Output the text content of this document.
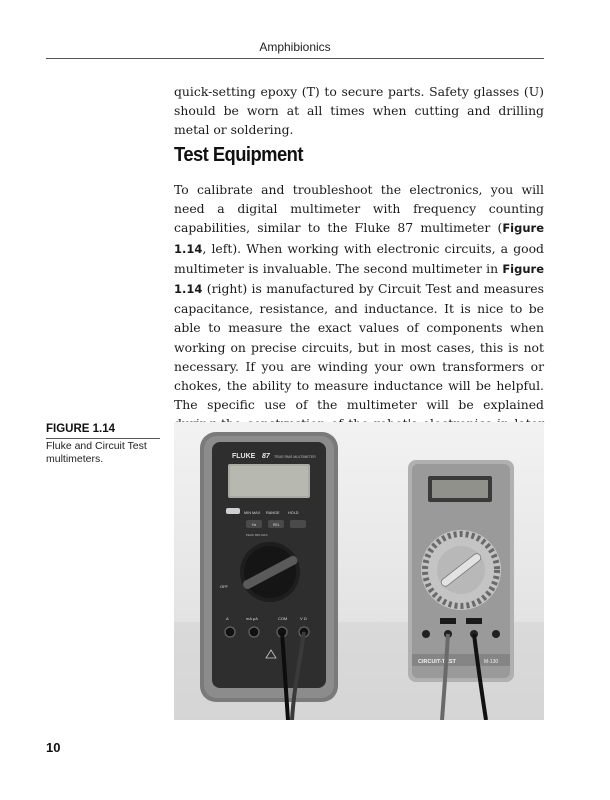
Amphibionics

quick-setting epoxy (T) to secure parts. Safety glasses (U) should be worn at all times when cutting and drilling metal or soldering.

Test Equipment

To calibrate and troubleshoot the electronics, you will need a digital multimeter with frequency counting capabilities, similar to the Fluke 87 multimeter (Figure 1.14, left). When working with electronic circuits, a good multimeter is invaluable. The second multimeter in Figure 1.14 (right) is manufactured by Circuit Test and measures capacitance, resistance, and inductance. It is nice to be able to measure the exact values of components when working on precise circuits, but in most cases, this is not necessary. If you are winding your own transformers or chokes, the ability to measure inductance will be helpful. The specific use of the multimeter will be explained

FIGURE 1.14
Fluke and Circuit Test multimeters.	FLUKE 87	TRUE RMS MULTIMETER
MIN MAX RANGE HOLD
Hz	REL
PEAK MIN MAX
OFF
A	mA µA	COM	V Ω
CIRCUIT-TEST	M-130
10
